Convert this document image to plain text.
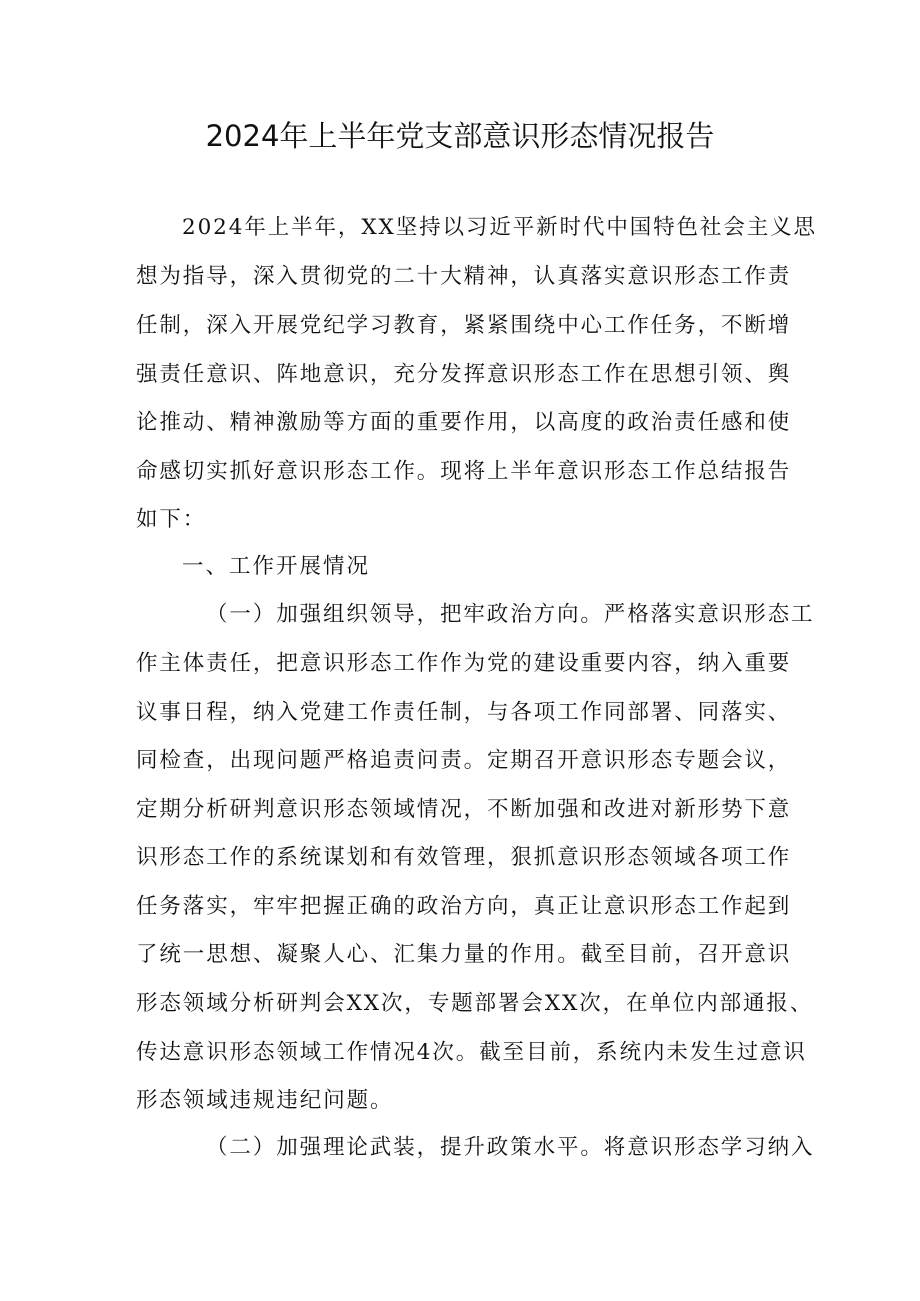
2024年上半年党支部意识形态情况报告

2024年上半年，XX坚持以习近平新时代中国特色社会主义思

想为指导，深入贯彻党的二十大精神，认真落实意识形态工作责

任制，深入开展党纪学习教育，紧紧围绕中心工作任务，不断增

强责任意识、阵地意识，充分发挥意识形态工作在思想引领、舆

论推动、精神激励等方面的重要作用，以高度的政治责任感和使

命感切实抓好意识形态工作。现将上半年意识形态工作总结报告

如下：

一、工作开展情况

（一）加强组织领导，把牢政治方向。严格落实意识形态工

作主体责任，把意识形态工作作为党的建设重要内容，纳入重要

议事日程，纳入党建工作责任制，与各项工作同部署、同落实、

同检查，出现问题严格追责问责。定期召开意识形态专题会议，

定期分析研判意识形态领域情况，不断加强和改进对新形势下意

识形态工作的系统谋划和有效管理，狠抓意识形态领域各项工作

任务落实，牢牢把握正确的政治方向，真正让意识形态工作起到

了统一思想、凝聚人心、汇集力量的作用。截至目前，召开意识

形态领域分析研判会XX次，专题部署会XX次，在单位内部通报、

传达意识形态领域工作情况4次。截至目前，系统内未发生过意识

形态领域违规违纪问题。

（二）加强理论武装，提升政策水平。将意识形态学习纳入
